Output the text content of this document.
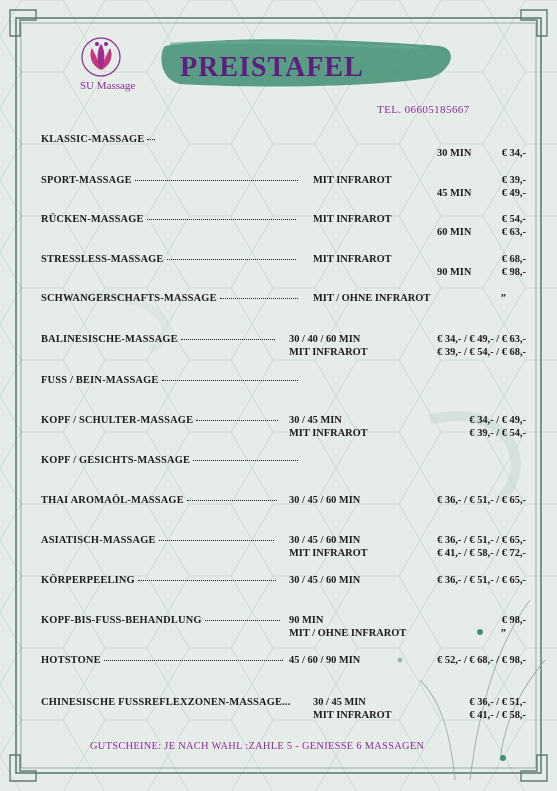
PREISTAFEL
SU Massage
TEL. 06605185667
KLASSIC-MASSAGE
30 MIN	€ 34,-
SPORT-MASSAGE	MIT INFRAROT	€ 39,-
45 MIN	€ 49,-
RÜCKEN-MASSAGE	MIT INFRAROT	€ 54,-
60 MIN	€ 63,-
STRESSLESS-MASSAGE	MIT INFRAROT	€ 68,-
90 MIN	€ 98,-
SCHWANGERSCHAFTS-MASSAGE	MIT / OHNE INFRAROT	”
BALINESISCHE-MASSAGE	30 / 40 / 60 MIN	€ 34,- / € 49,- / € 63,-
MIT INFRAROT	€ 39,- / € 54,- / € 68,-
FUSS / BEIN-MASSAGE
KOPF / SCHULTER-MASSAGE	30 / 45 MIN	€ 34,- / € 49,-
MIT INFRAROT	€ 39,- / € 54,-
KOPF / GESICHTS-MASSAGE
THAI AROMAÖL-MASSAGE	30 / 45 / 60 MIN	€ 36,- / € 51,- / € 65,-
ASIATISCH-MASSAGE	30 / 45 / 60 MIN	€ 36,- / € 51,- / € 65,-
MIT INFRAROT	€ 41,- / € 58,- / € 72,-
KÖRPERPEELING	30 / 45 / 60 MIN	€ 36,- / € 51,- / € 65,-
KOPF-BIS-FUSS-BEHANDLUNG	90 MIN	€ 98,-
MIT / OHNE INFRAROT	”
HOTSTONE	45 / 60 / 90 MIN	€ 52,- / € 68,- / € 98,-
CHINESISCHE FUSSREFLEXZONEN-MASSAGE... 30 / 45 MIN	€ 36,- / € 51,-
MIT INFRAROT	€ 41,- / € 58,-
GUTSCHEINE: JE NACH WAHL :ZAHLE 5 - GENIESSE 6 MASSAGEN
